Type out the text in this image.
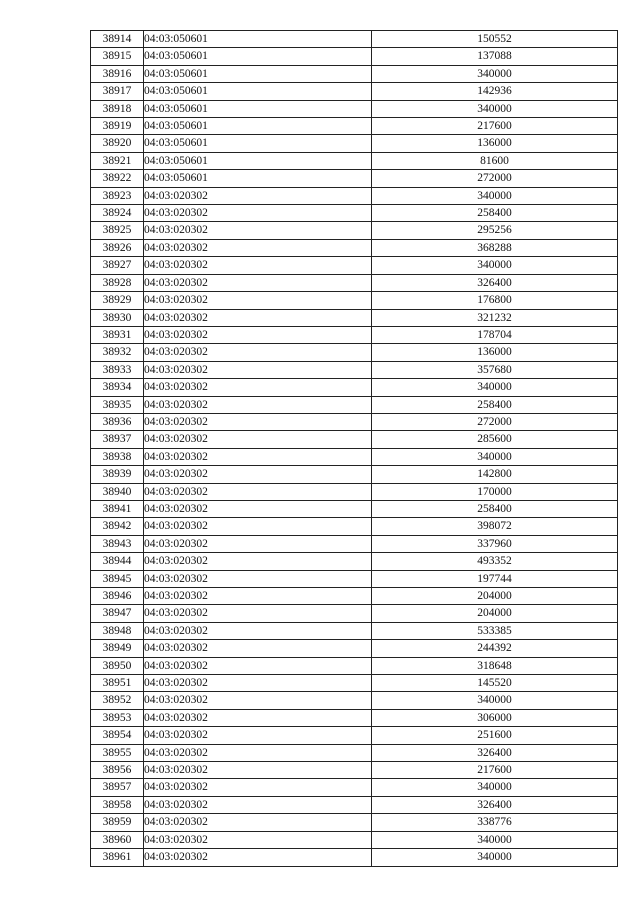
38914	04:03:050601	150552
38915	04:03:050601	137088
38916	04:03:050601	340000
38917	04:03:050601	142936
38918	04:03:050601	340000
38919	04:03:050601	217600
38920	04:03:050601	136000
38921	04:03:050601	81600
38922	04:03:050601	272000
38923	04:03:020302	340000
38924	04:03:020302	258400
38925	04:03:020302	295256
38926	04:03:020302	368288
38927	04:03:020302	340000
38928	04:03:020302	326400
38929	04:03:020302	176800
38930	04:03:020302	321232
38931	04:03:020302	178704
38932	04:03:020302	136000
38933	04:03:020302	357680
38934	04:03:020302	340000
38935	04:03:020302	258400
38936	04:03:020302	272000
38937	04:03:020302	285600
38938	04:03:020302	340000
38939	04:03:020302	142800
38940	04:03:020302	170000
38941	04:03:020302	258400
38942	04:03:020302	398072
38943	04:03:020302	337960
38944	04:03:020302	493352
38945	04:03:020302	197744
38946	04:03:020302	204000
38947	04:03:020302	204000
38948	04:03:020302	533385
38949	04:03:020302	244392
38950	04:03:020302	318648
38951	04:03:020302	145520
38952	04:03:020302	340000
38953	04:03:020302	306000
38954	04:03:020302	251600
38955	04:03:020302	326400
38956	04:03:020302	217600
38957	04:03:020302	340000
38958	04:03:020302	326400
38959	04:03:020302	338776
38960	04:03:020302	340000
38961	04:03:020302	340000
